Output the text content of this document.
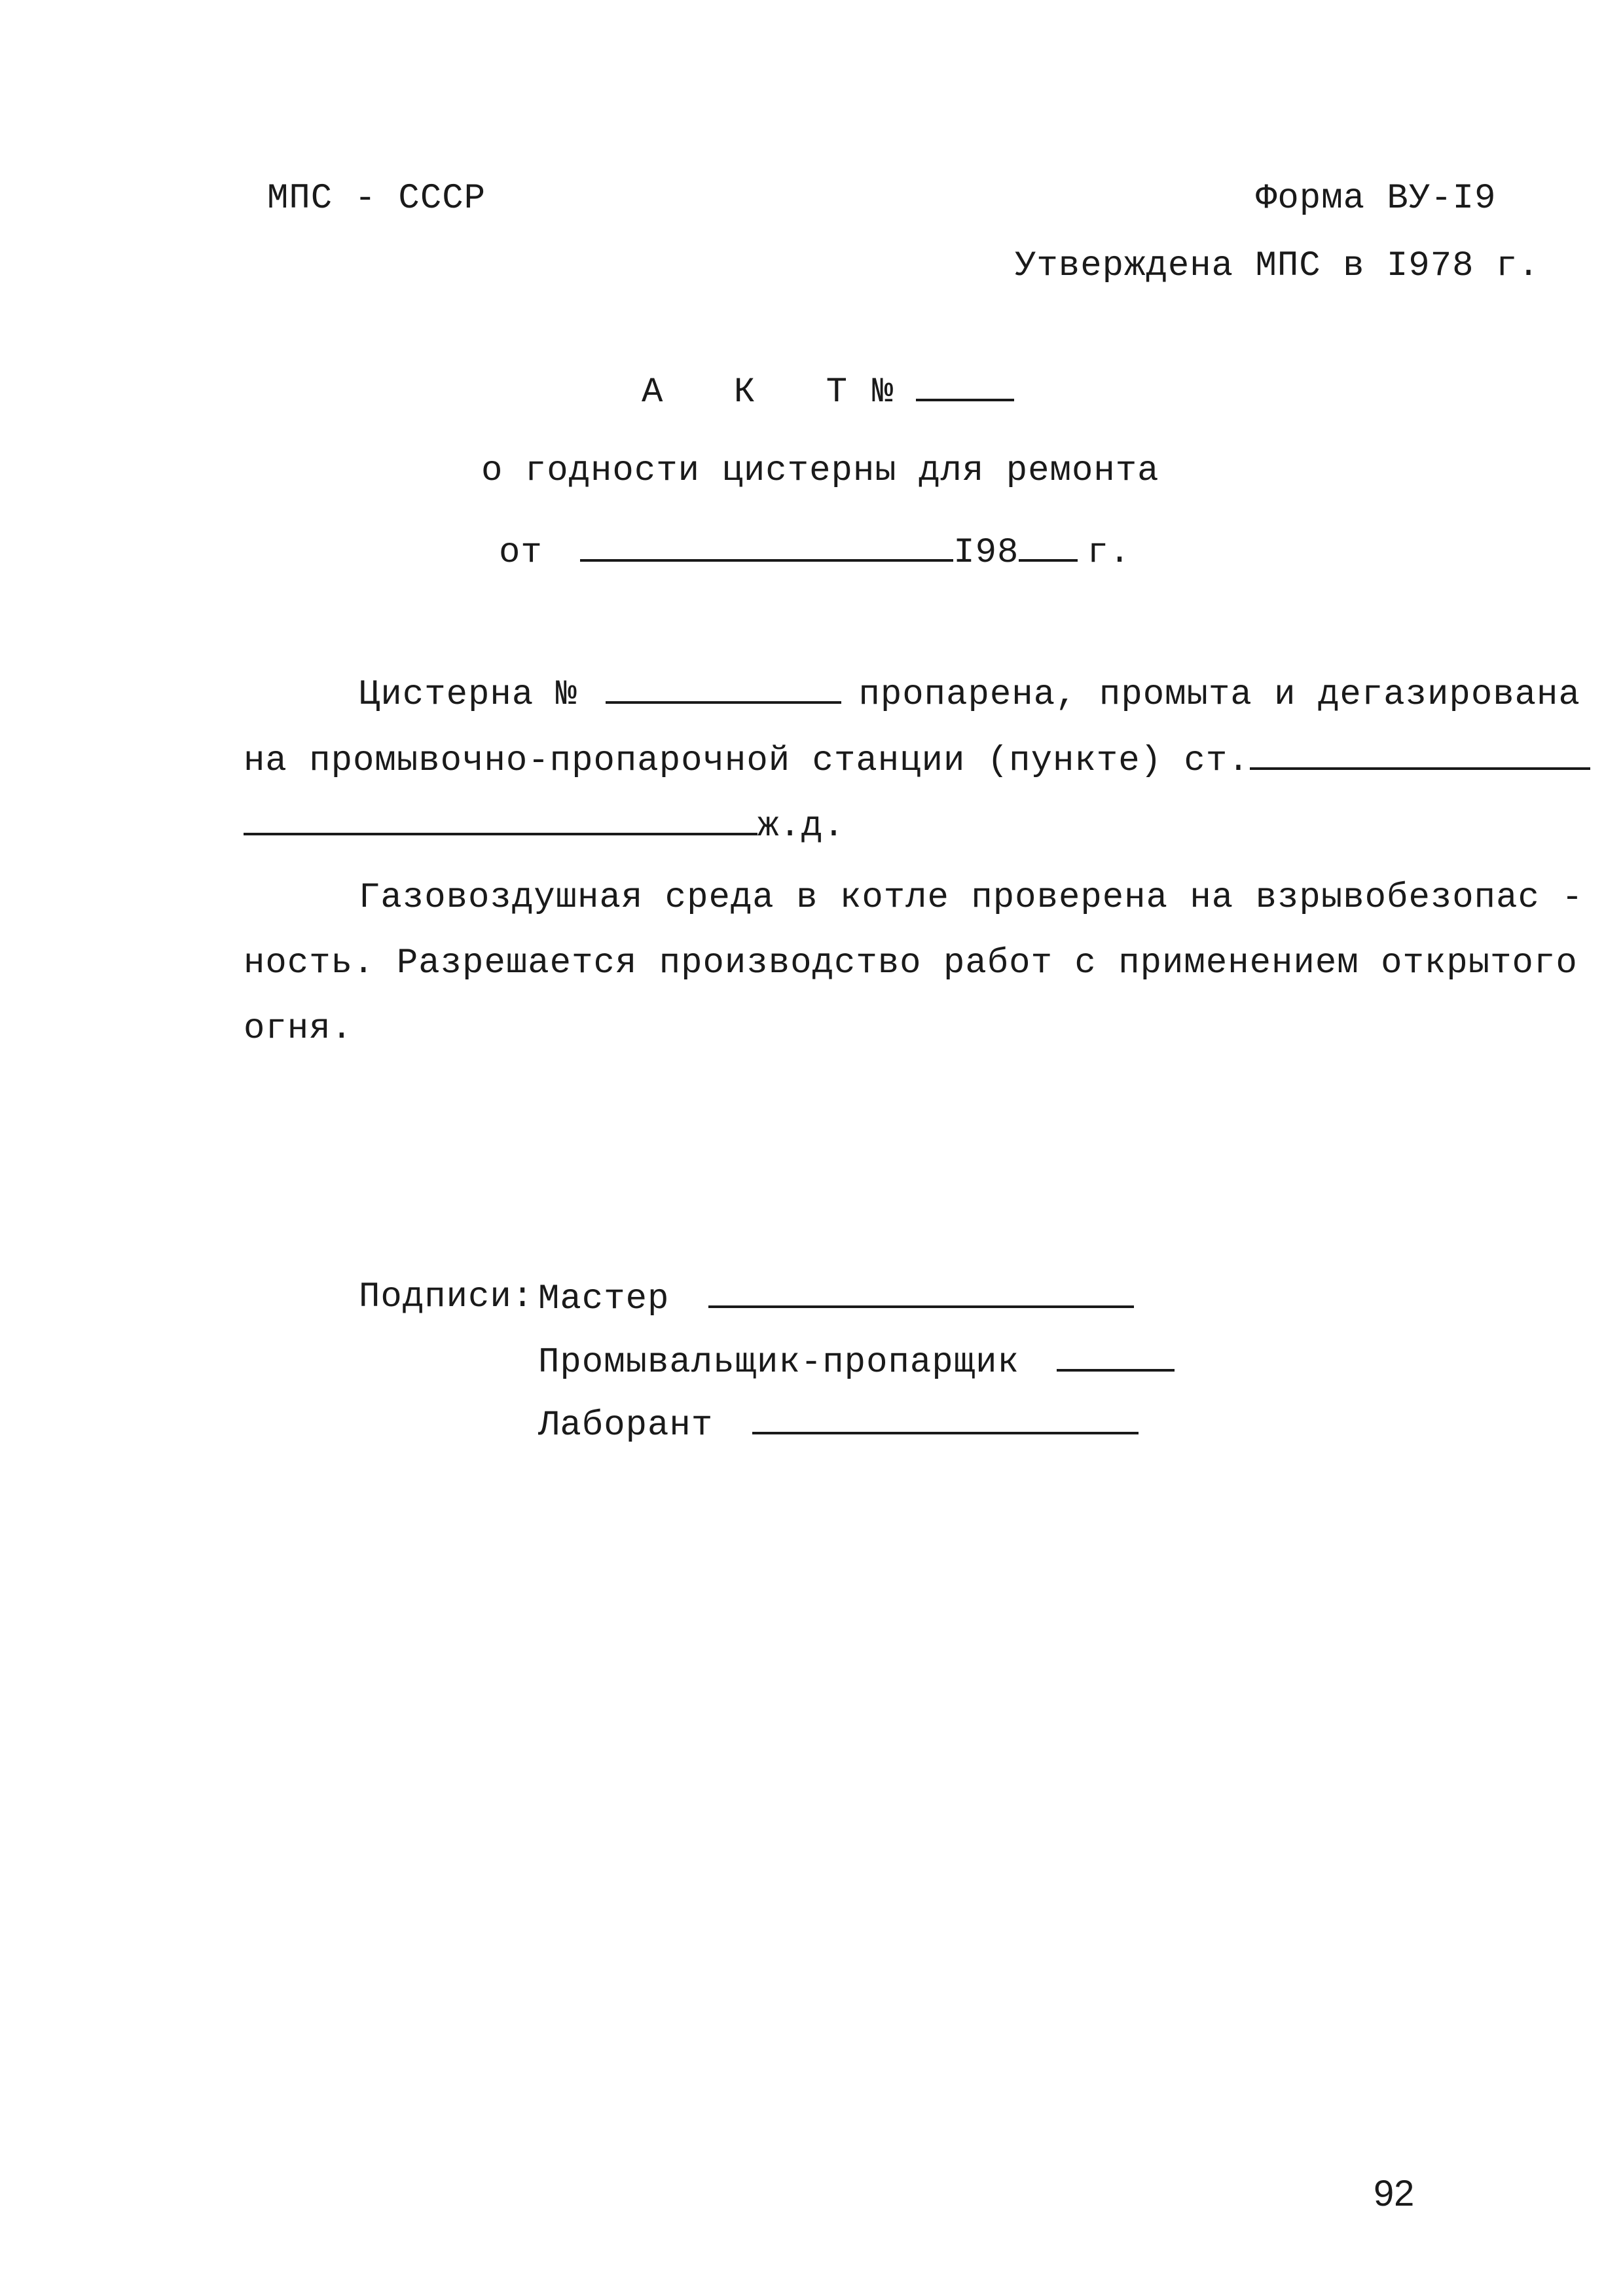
МПС - СССР	Форма ВУ-I9
Утверждена МПС в I978 г.
А К Т№
о годности цистерны для ремонта
от	I98 г.
Цистерна №	пропарена, промыта и дегазирована
на промывочно-пропарочной станции (пункте) ст.
ж.д.
Газовоздушная среда в котле проверена на взрывобезопас -
ность. Разрешается производство работ с применением открытого
огня.
Подписи: Мастер
Промывальщик-пропарщик
Лаборант
92
